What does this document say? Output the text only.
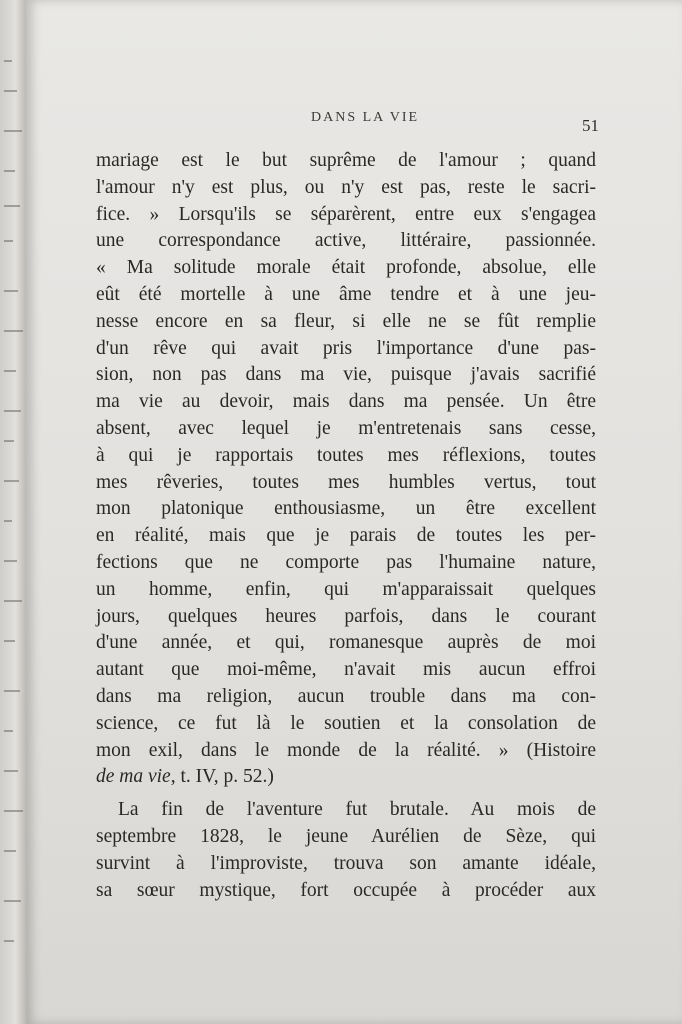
DANS LA VIE	51
mariage est le but suprême de l'amour ; quand
l'amour n'y est plus, ou n'y est pas, reste le sacri-
fice. » Lorsqu'ils se séparèrent, entre eux s'engagea
une correspondance active, littéraire, passionnée.
« Ma solitude morale était profonde, absolue, elle
eût été mortelle à une âme tendre et à une jeu-
nesse encore en sa fleur, si elle ne se fût remplie
d'un rêve qui avait pris l'importance d'une pas-
sion, non pas dans ma vie, puisque j'avais sacrifié
ma vie au devoir, mais dans ma pensée. Un être
absent, avec lequel je m'entretenais sans cesse,
à qui je rapportais toutes mes réflexions, toutes
mes rêveries, toutes mes humbles vertus, tout
mon platonique enthousiasme, un être excellent
en réalité, mais que je parais de toutes les per-
fections que ne comporte pas l'humaine nature,
un homme, enfin, qui m'apparaissait quelques
jours, quelques heures parfois, dans le courant
d'une année, et qui, romanesque auprès de moi
autant que moi-même, n'avait mis aucun effroi
dans ma religion, aucun trouble dans ma con-
science, ce fut là le soutien et la consolation de
mon exil, dans le monde de la réalité. » (Histoire
de ma vie, t. IV, p. 52.)
La fin de l'aventure fut brutale. Au mois de
septembre 1828, le jeune Aurélien de Sèze, qui
survint à l'improviste, trouva son amante idéale,
sa sœur mystique, fort occupée à procéder aux
